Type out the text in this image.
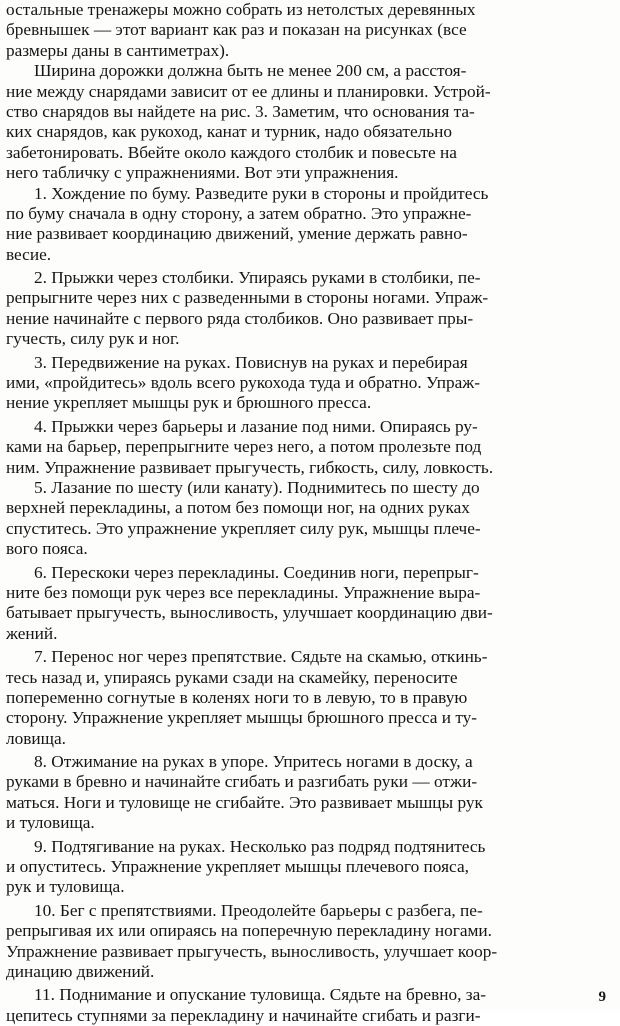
остальные тренажеры можно собрать из нетолстых деревянных
бревнышек — этот вариант как раз и показан на рисунках (все
размеры даны в сантиметрах).
Ширина дорожки должна быть не менее 200 см, а расстоя-
ние между снарядами зависит от ее длины и планировки. Устрой-
ство снарядов вы найдете на рис. 3. Заметим, что основания та-
ких снарядов, как рукоход, канат и турник, надо обязательно
забетонировать. Вбейте около каждого столбик и повесьте на
него табличку с упражнениями. Вот эти упражнения.
1. Хождение по буму. Разведите руки в стороны и пройдитесь
по буму сначала в одну сторону, а затем обратно. Это упражне-
ние развивает координацию движений, умение держать равно-
весие.
2. Прыжки через столбики. Упираясь руками в столбики, пе-
репрыгните через них с разведенными в стороны ногами. Упраж-
нение начинайте с первого ряда столбиков. Оно развивает пры-
гучесть, силу рук и ног.
3. Передвижение на руках. Повиснув на руках и перебирая
ими, «пройдитесь» вдоль всего рукохода туда и обратно. Упраж-
нение укрепляет мышцы рук и брюшного пресса.
4. Прыжки через барьеры и лазание под ними. Опираясь ру-
ками на барьер, перепрыгните через него, а потом пролезьте под
ним. Упражнение развивает прыгучесть, гибкость, силу, ловкость.
5. Лазание по шесту (или канату). Поднимитесь по шесту до
верхней перекладины, а потом без помощи ног, на одних руках
спуститесь. Это упражнение укрепляет силу рук, мышцы плече-
вого пояса.
6. Перескоки через перекладины. Соединив ноги, перепрыг-
ните без помощи рук через все перекладины. Упражнение выра-
батывает прыгучесть, выносливость, улучшает координацию дви-
жений.
7. Перенос ног через препятствие. Сядьте на скамью, откинь-
тесь назад и, упираясь руками сзади на скамейку, переносите
попеременно согнутые в коленях ноги то в левую, то в правую
сторону. Упражнение укрепляет мышцы брюшного пресса и ту-
ловища.
8. Отжимание на руках в упоре. Упритесь ногами в доску, а
руками в бревно и начинайте сгибать и разгибать руки — отжи-
маться. Ноги и туловище не сгибайте. Это развивает мышцы рук
и туловища.
9. Подтягивание на руках. Несколько раз подряд подтянитесь
и опуститесь. Упражнение укрепляет мышцы плечевого пояса,
рук и туловища.
10. Бег с препятствиями. Преодолейте барьеры с разбега, пе-
репрыгивая их или опираясь на поперечную перекладину ногами.
Упражнение развивает прыгучесть, выносливость, улучшает коор-
динацию движений.
11. Поднимание и опускание туловища. Сядьте на бревно, за-
цепитесь ступнями за перекладину и начинайте сгибать и разги-
9
